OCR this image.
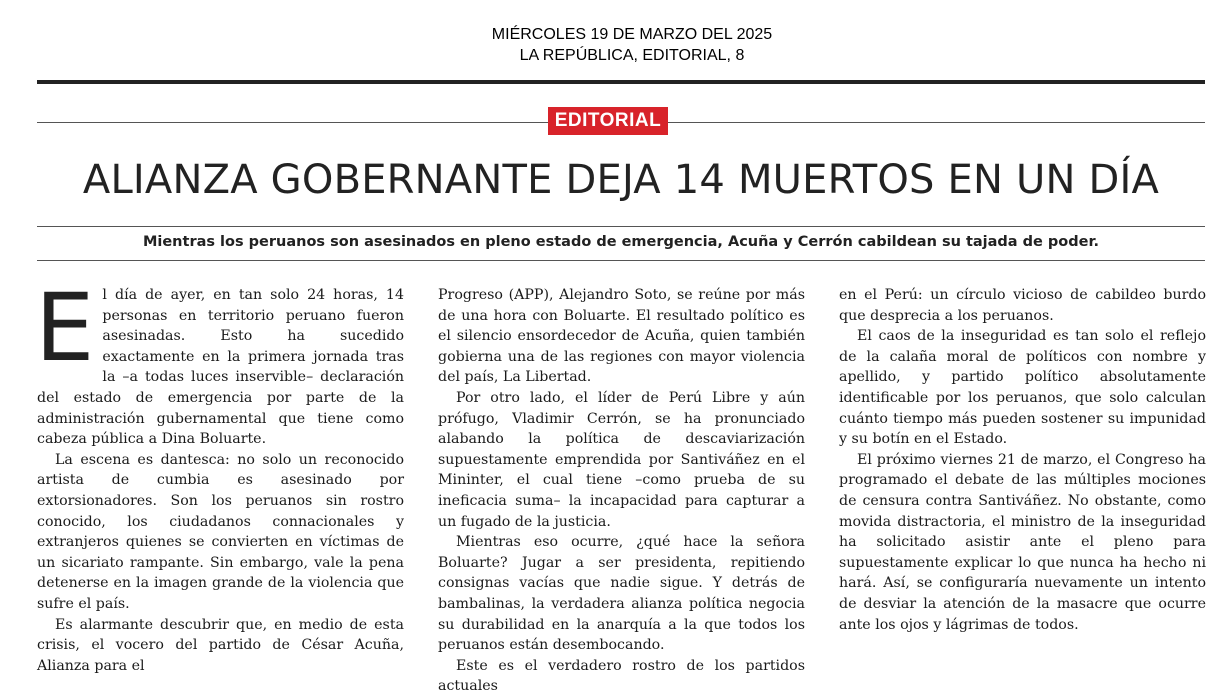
MIÉRCOLES 19 DE MARZO DEL 2025
LA REPÚBLICA, EDITORIAL, 8
EDITORIAL
ALIANZA GOBERNANTE DEJA 14 MUERTOS EN UN DÍA
Mientras los peruanos son asesinados en pleno estado de emergencia, Acuña y Cerrón cabildean su tajada de poder.

El día de ayer, en tan solo 24 horas, 14 personas en territorio peruano fueron asesinadas. Esto ha sucedido exactamente en la primera jornada tras la –a todas luces inservible– declaración del estado de emergencia por parte de la administración gubernamental que tiene como cabeza pública a Dina Boluarte.

La escena es dantesca: no solo un reconocido artista de cumbia es asesinado por extorsionadores. Son los peruanos sin rostro conocido, los ciudadanos connacionales y extranjeros quienes se convierten en víctimas de un sicariato rampante. Sin embargo, vale la pena detenerse en la imagen grande de la violencia que sufre el país.

Es alarmante descubrir que, en medio de esta crisis, el vocero del partido de César Acuña, Alianza para el

Progreso (APP), Alejandro Soto, se reúne por más de una hora con Boluarte. El resultado político es el silencio ensordecedor de Acuña, quien también gobierna una de las regiones con mayor violencia del país, La Libertad.

Por otro lado, el líder de Perú Libre y aún prófugo, Vladimir Cerrón, se ha pronunciado alabando la política de descaviarización supuestamente emprendida por Santiváñez en el Mininter, el cual tiene –como prueba de su ineficacia suma– la incapacidad para capturar a un fugado de la justicia.

Mientras eso ocurre, ¿qué hace la señora Boluarte? Jugar a ser presidenta, repitiendo consignas vacías que nadie sigue. Y detrás de bambalinas, la verdadera alianza política negocia su durabilidad en la anarquía a la que todos los peruanos están desembocando.

Este es el verdadero rostro de los partidos actuales

en el Perú: un círculo vicioso de cabildeo burdo que desprecia a los peruanos.

El caos de la inseguridad es tan solo el reflejo de la calaña moral de políticos con nombre y apellido, y partido político absolutamente identificable por los peruanos, que solo calculan cuánto tiempo más pueden sostener su impunidad y su botín en el Estado.

El próximo viernes 21 de marzo, el Congreso ha programado el debate de las múltiples mociones de censura contra Santiváñez. No obstante, como movida distractoria, el ministro de la inseguridad ha solicitado asistir ante el pleno para supuestamente explicar lo que nunca ha hecho ni hará. Así, se configuraría nuevamente un intento de desviar la atención de la masacre que ocurre ante los ojos y lágrimas de todos.
